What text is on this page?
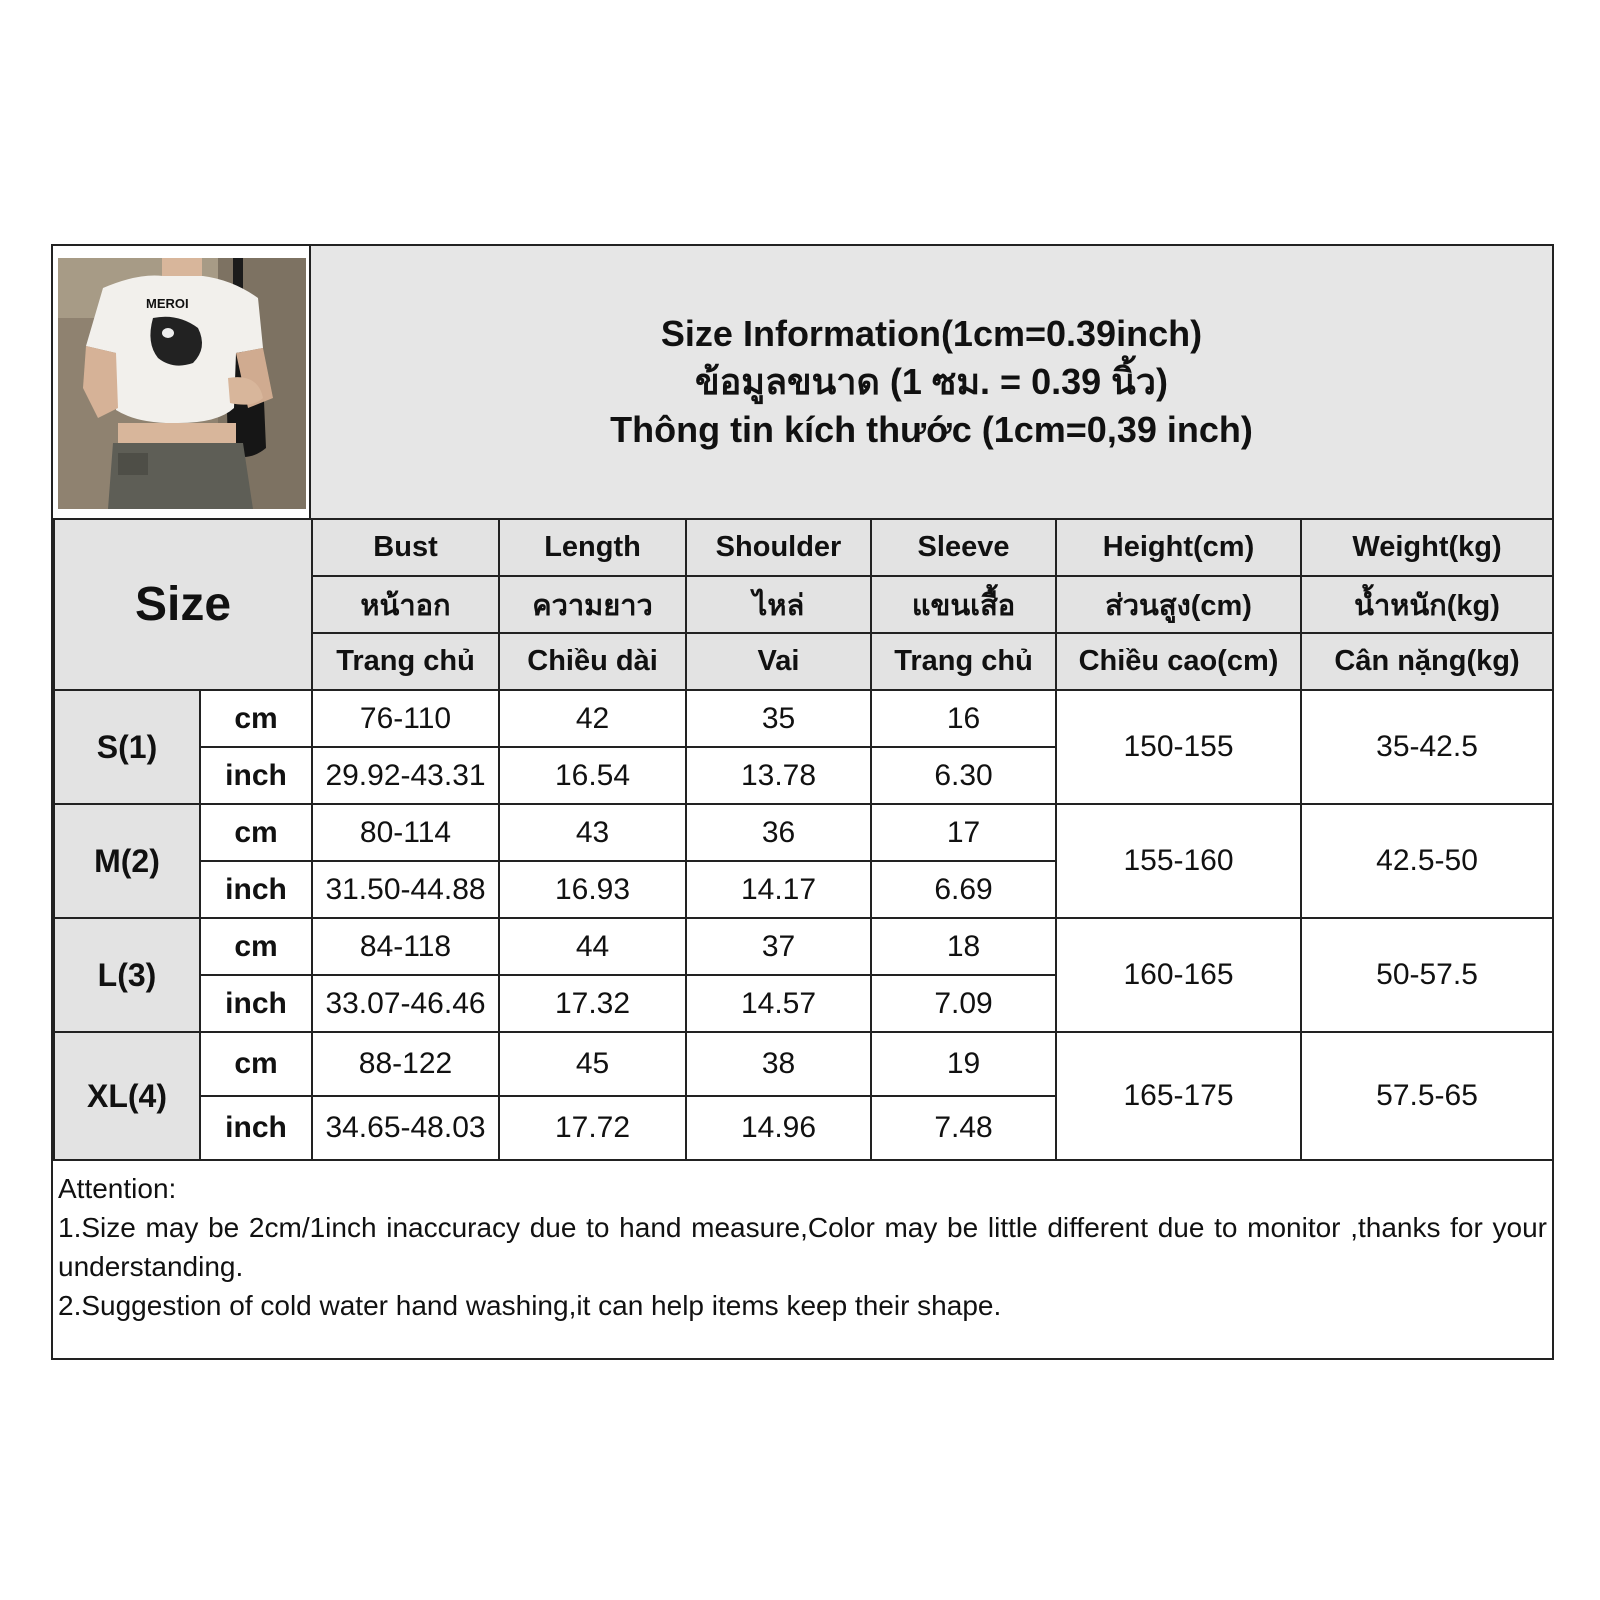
MEROI
Size Information(1cm=0.39inch)
ข้อมูลขนาด (1 ซม. = 0.39 นิ้ว)
Thông tin kích thước (1cm=0,39 inch)
Size		Bust	Length	Shoulder	Sleeve	Height(cm)	Weight(kg)
		หน้าอก	ความยาว	ไหล่	แขนเสื้อ	ส่วนสูง(cm)	น้ำหนัก(kg)
		Trang chủ	Chiều dài	Vai	Trang chủ	Chiều cao(cm)	Cân nặng(kg)
S(1)	cm	76-110	42	35	16	150-155	35-42.5
	inch	29.92-43.31	16.54	13.78	6.30		
M(2)	cm	80-114	43	36	17	155-160	42.5-50
	inch	31.50-44.88	16.93	14.17	6.69		
L(3)	cm	84-118	44	37	18	160-165	50-57.5
	inch	33.07-46.46	17.32	14.57	7.09		
XL(4)	cm	88-122	45	38	19	165-175	57.5-65
	inch	34.65-48.03	17.72	14.96	7.48		

Attention:

1.Size may be 2cm/1inch inaccuracy due to hand measure,Color may be little different due to monitor ,thanks for your understanding.

2.Suggestion of cold water hand washing,it can help items keep their shape.
